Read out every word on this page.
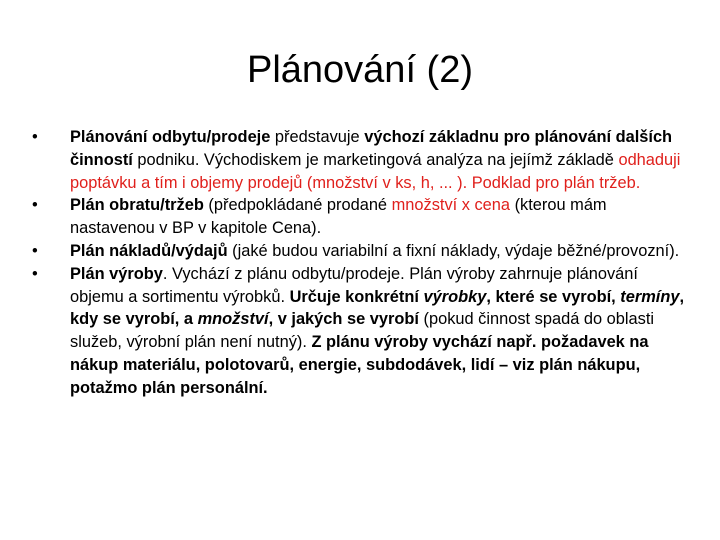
Plánování (2)
•	Plánování odbytu/prodeje představuje výchozí základnu pro plánování dalších činností podniku. Východiskem je marketingová analýza na jejímž základě odhaduji poptávku a tím i objemy prodejů (množství v ks, h, ... ). Podklad pro plán tržeb.
•	Plán obratu/tržeb (předpokládané prodané množství x cena (kterou mám nastavenou v BP v kapitole Cena).
•	Plán nákladů/výdajů (jaké budou variabilní a fixní náklady, výdaje běžné/provozní).
•	Plán výroby. Vychází z plánu odbytu/prodeje. Plán výroby zahrnuje plánování objemu a sortimentu výrobků. Určuje konkrétní výrobky, které se vyrobí, termíny, kdy se vyrobí, a množství, v jakých se vyrobí (pokud činnost spadá do oblasti služeb, výrobní plán není nutný). Z plánu výroby vychází např. požadavek na nákup materiálu, polotovarů, energie, subdodávek, lidí – viz plán nákupu, potažmo plán personální.
